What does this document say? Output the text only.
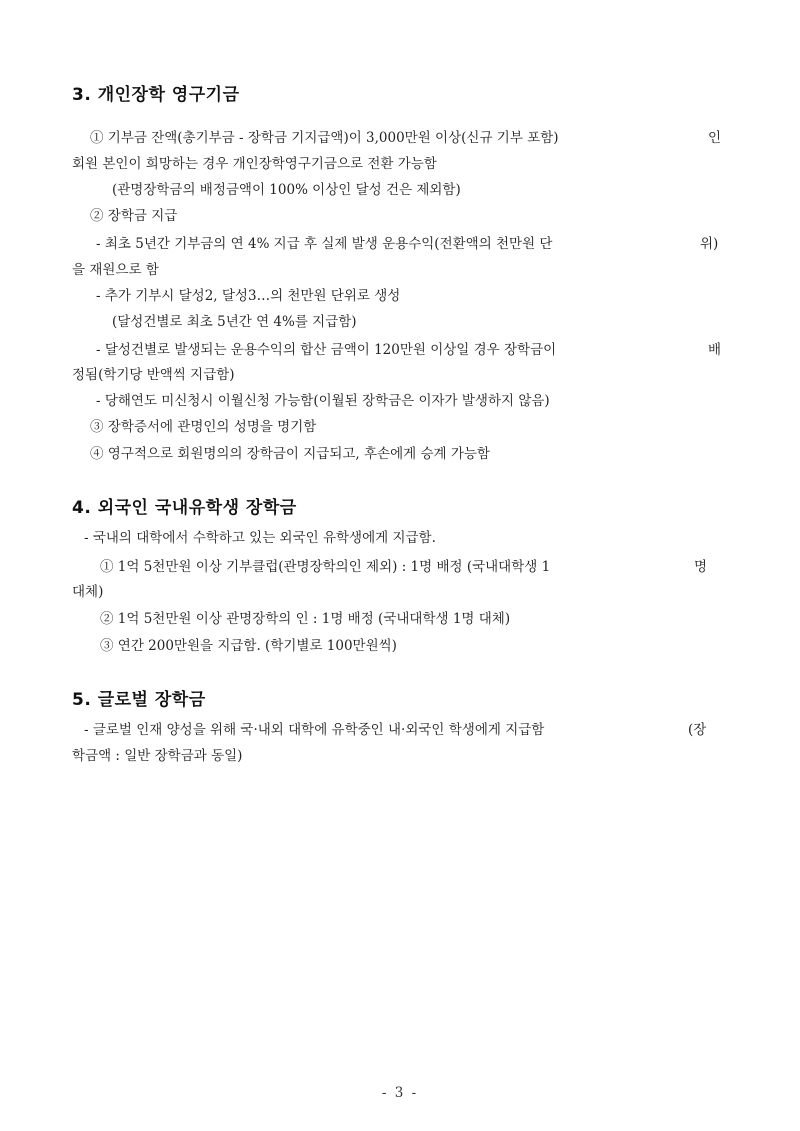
3. 개인장학 영구기금
① 기부금 잔액(총기부금 - 장학금 기지급액)이 3,000만원 이상(신규 기부 포함)	인
회원 본인이 희망하는 경우 개인장학영구기금으로 전환 가능함
(관명장학금의 배정금액이 100% 이상인 달성 건은 제외함)
② 장학금 지급
- 최초 5년간 기부금의 연 4% 지급 후 실제 발생 운용수익(전환액의 천만원 단	위)
을 재원으로 함
- 추가 기부시 달성2, 달성3…의 천만원 단위로 생성
(달성건별로 최초 5년간 연 4%를 지급함)
- 달성건별로 발생되는 운용수익의 합산 금액이 120만원 이상일 경우 장학금이	배
정됨(학기당 반액씩 지급함)
- 당해연도 미신청시 이월신청 가능함(이월된 장학금은 이자가 발생하지 않음)
③ 장학증서에 관명인의 성명을 명기함
④ 영구적으로 회원명의의 장학금이 지급되고, 후손에게 승계 가능함
4. 외국인 국내유학생 장학금
- 국내의 대학에서 수학하고 있는 외국인 유학생에게 지급함.
① 1억 5천만원 이상 기부클럽(관명장학의인 제외) : 1명 배정 (국내대학생 1	명
대체)
② 1억 5천만원 이상 관명장학의 인 : 1명 배정 (국내대학생 1명 대체)
③ 연간 200만원을 지급함. (학기별로 100만원씩)
5. 글로벌 장학금
- 글로벌 인재 양성을 위해 국·내외 대학에 유학중인 내·외국인 학생에게 지급함	(장
학금액 : 일반 장학금과 동일)
- 3 -
